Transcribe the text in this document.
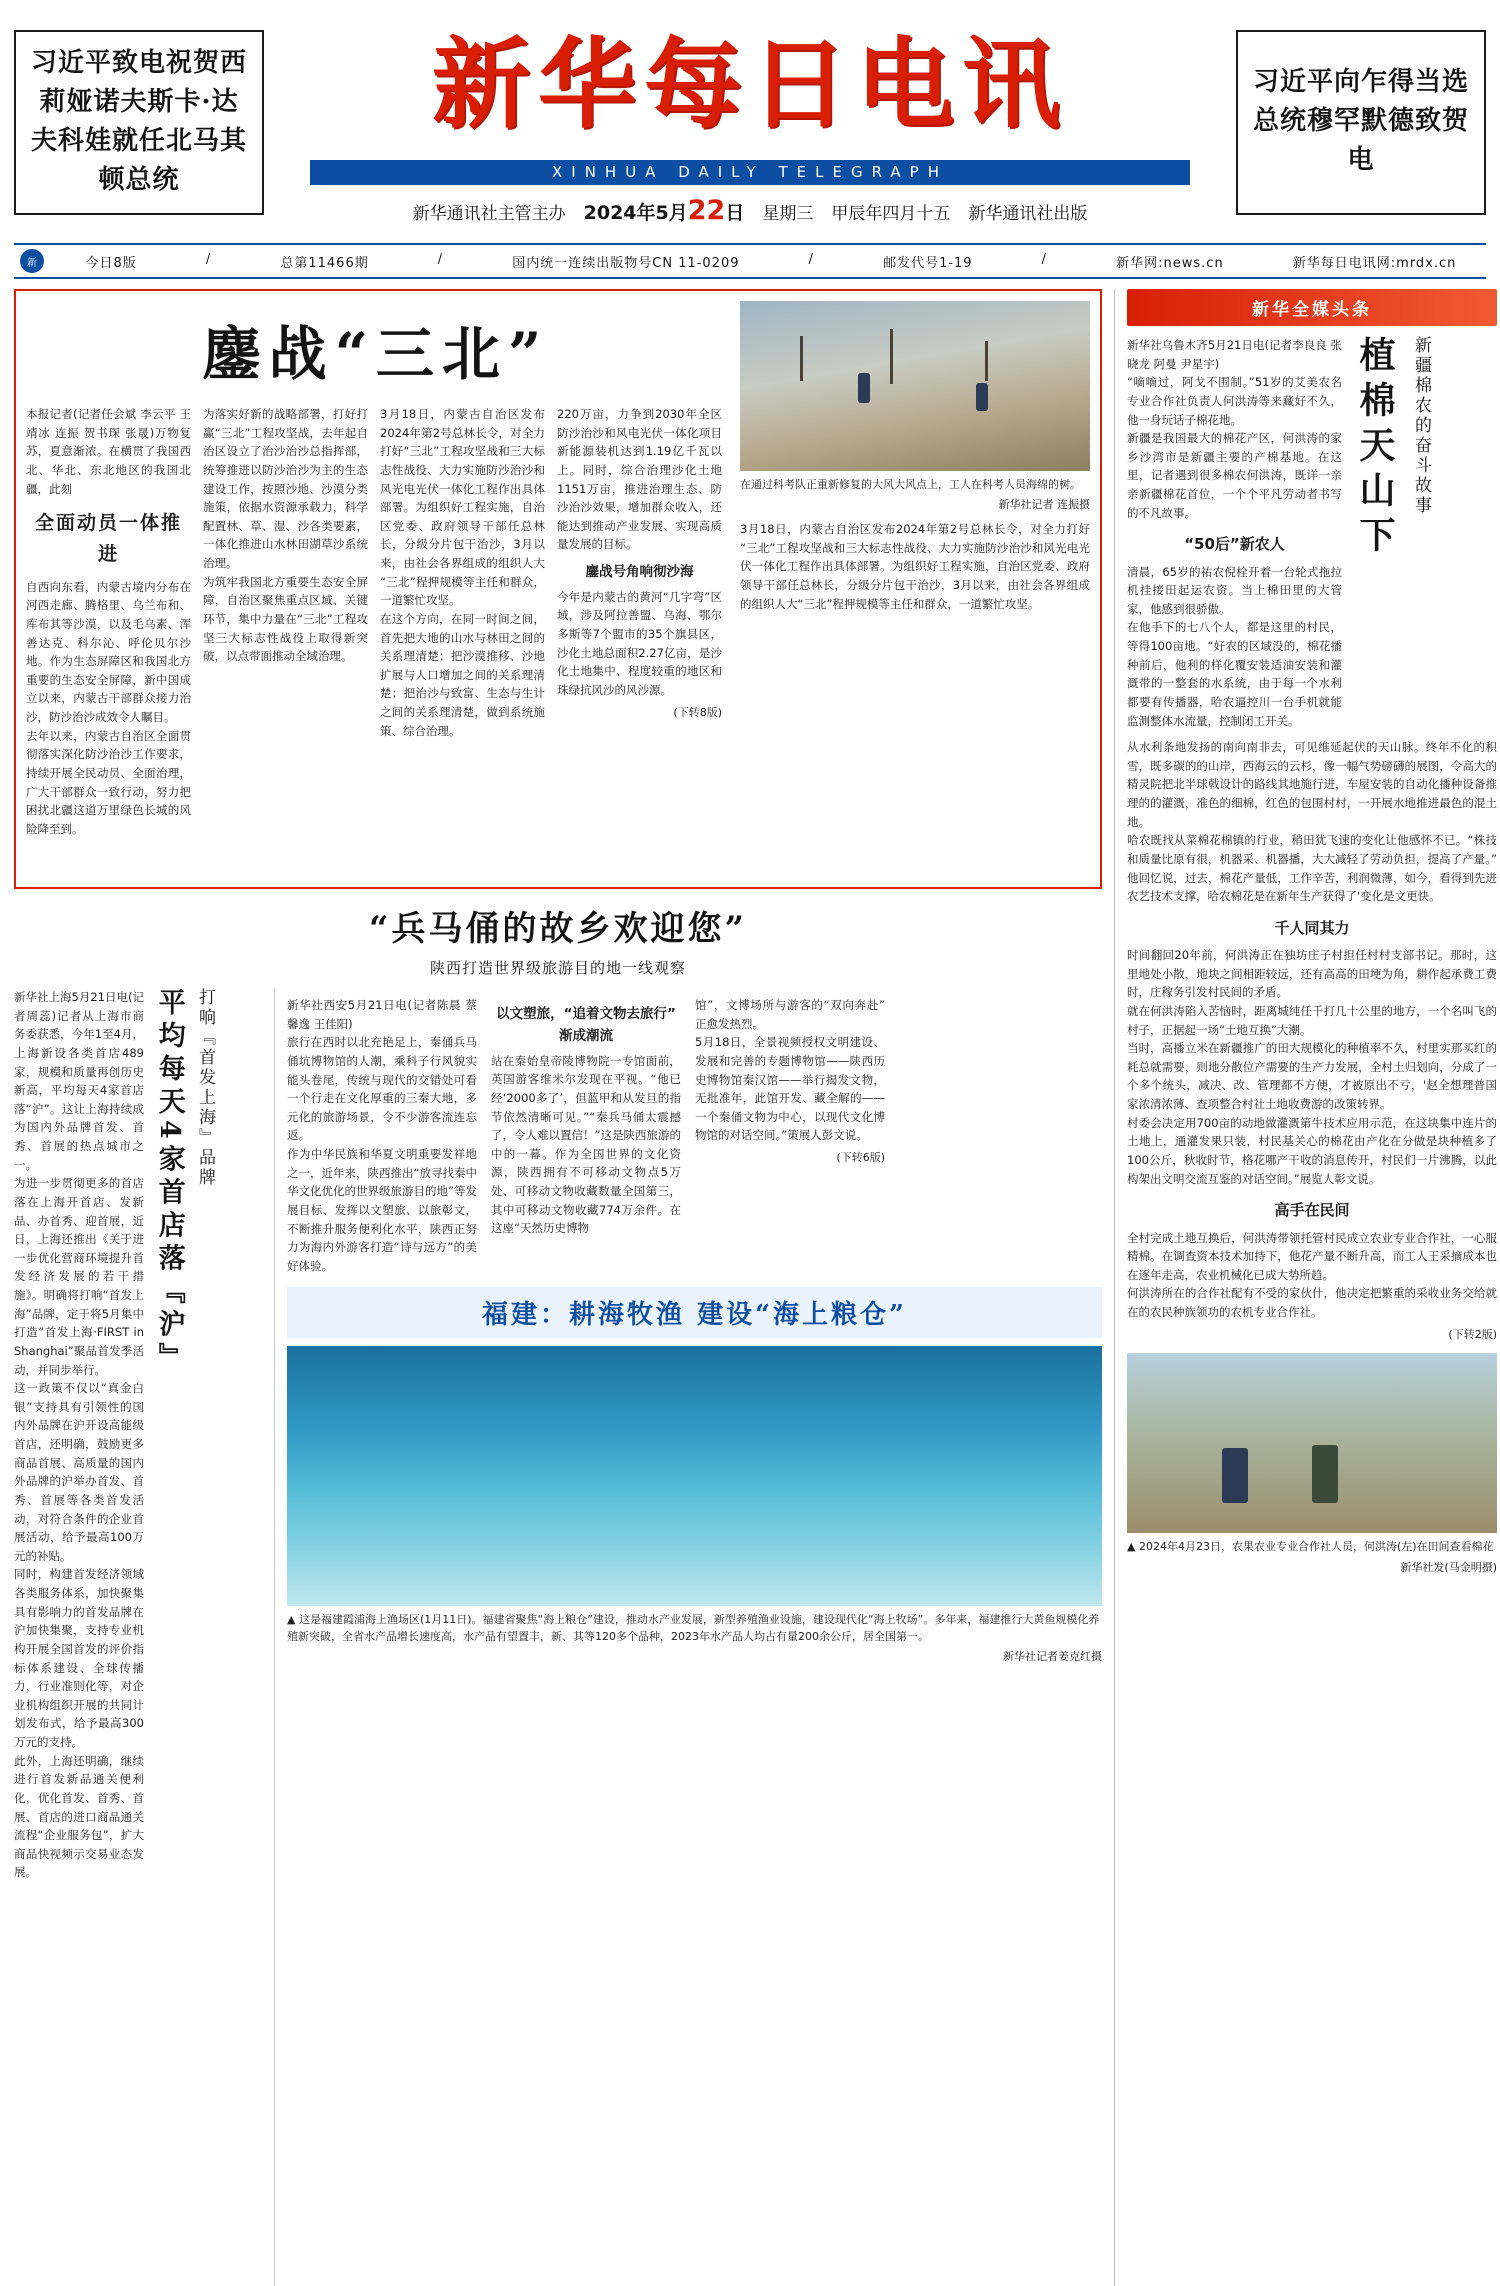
习近平致电祝贺西莉娅诺夫斯卡·达夫科娃就任北马其顿总统
新华每日电讯
XINHUA DAILY TELEGRAPH
新华通讯社主管主办 2024年5月22日 星期三 甲辰年四月十五 新华通讯社出版
习近平向乍得当选总统穆罕默德致贺电
新	今日8版	/	总第11466期	/	国内统一连续出版物号CN 11-0209	/	邮发代号1-19	/	新华网:news.cn	新华每日电讯网:mrdx.cn
鏖战“三北”
本报记者(记者任会斌 李云平 王靖冰 连振 贺书琛 张晟)万物复苏，夏意渐浓。在横贯了我国西北、华北、东北地区的我国北疆，此刻
全面动员一体推进
自西向东看，内蒙古境内分布在河西走廊、腾格里、乌兰布和、库布其等沙漠，以及毛乌素、浑善达克、科尔沁、呼伦贝尔沙地。作为生态屏障区和我国北方重要的生态安全屏障，新中国成立以来，内蒙古干部群众接力治沙，防沙治沙成效令人瞩目。
去年以来，内蒙古自治区全面贯彻落实深化防沙治沙工作要求，持续开展全民动员、全面治理，广大干部群众一致行动，努力把困扰北疆这道万里绿色长城的风险降至到。
为落实好新的战略部署，打好打赢“三北”工程攻坚战，去年起自治区设立了治沙治沙总指挥部，统筹推进以防沙治沙为主的生态建设工作，按照沙地、沙漠分类施策，依据水资源承载力，科学配置林、草、湿、沙各类要素，一体化推进山水林田湖草沙系统治理。
为筑牢我国北方重要生态安全屏障，自治区聚焦重点区域、关键环节，集中力量在“三北”工程攻坚三大标志性战役上取得新突破，以点带面推动全域治理。
3月18日，内蒙古自治区发布2024年第2号总林长令，对全力打好“三北”工程攻坚战和三大标志性战役、大力实施防沙治沙和风光电光伏一体化工程作出具体部署。为组织好工程实施，自治区党委、政府领导干部任总林长，分级分片包干治沙，3月以来，由社会各界组成的组织人大“三北”程押规模等主任和群众，一道繁忙攻坚。
在这个方向，在同一时间之间，首先把大地的山水与林田之间的关系理清楚；把沙漠推移、沙地扩展与人口增加之间的关系理清楚；把治沙与致富、生态与生计之间的关系理清楚，做到系统施策、综合治理。
220万亩，力争到2030年全区防沙治沙和风电光伏一体化项目新能源装机达到1.19亿千瓦以上。同时，综合治理沙化土地1151万亩，推进治理生态、防沙治沙效果，增加群众收入，还能达到推动产业发展、实现高质量发展的目标。
鏖战号角响彻沙海
今年是内蒙古的黄河“几字弯”区域，涉及阿拉善盟、乌海、鄂尔多斯等7个盟市的35个旗县区，沙化土地总面积2.27亿亩，是沙化土地集中、程度较重的地区和珠绿抗风沙的风沙源。
(下转8版)
在通过科考队正重新修复的大风大风点上，工人在科考人员海绵的树。
新华社记者 连振摄
3月18日，内蒙古自治区发布2024年第2号总林长令，对全力打好“三北”工程攻坚战和三大标志性战役、大力实施防沙治沙和风光电光伏一体化工程作出具体部署。为组织好工程实施，自治区党委、政府领导干部任总林长，分级分片包干治沙，3月以来，由社会各界组成的组织人大“三北”程押规模等主任和群众，一道繁忙攻坚。
“兵马俑的故乡欢迎您”
陕西打造世界级旅游目的地一线观察
新华社上海5月21日电(记者周蕊)记者从上海市商务委获悉，今年1至4月，上海新设各类首店489家，规模和质量再创历史新高，平均每天4家首店落“沪”。这让上海持续成为国内外品牌首发、首秀、首展的热点城市之一。
为进一步贯彻更多的首店落在上海开首店、发新品、办首秀、迎首展，近日，上海还推出《关于进一步优化营商环境提升首发经济发展的若干措施》。明确将打响“首发上海”品牌，定于将5月集中打造“首发上海·FIRST in Shanghai”聚品首发季活动，并同步举行。
这一政策不仅以“真金白银”支持具有引领性的国内外品牌在沪开设高能级首店，还明确，鼓励更多商品首展、高质量的国内外品牌的沪举办首发、首秀、首展等各类首发活动，对符合条件的企业首展活动，给予最高100万元的补贴。
同时，构建首发经济领域各类服务体系，加快聚集具有影响力的首发品牌在沪加快集聚，支持专业机构开展全国首发的评价指标体系建设、全球传播力，行业准则化等，对企业机构组织开展的共同计划发布式，给予最高300万元的支持。
此外，上海还明确，继续进行首发新品通关便利化，优化首发、首秀、首展、首店的进口商品通关流程“企业服务包”，扩大商品快视频示交易业态发展。
平均每天4家首店落『沪』 打响『首发上海』品牌	新华社西安5月21日电(记者陈晨 蔡馨逸 王佳阳)
旅行在西时以北充艳足上，秦俑兵马俑坑博物馆的人潮，乘科子行风貌实能头卷尾，传统与现代的交错处可看一个行走在文化厚重的三秦大地，多元化的旅游场景，令不少游客流连忘返。
作为中华民族和华夏文明重要发祥地之一，近年来，陕西推出“放寻找秦中华文化优化的世界级旅游目的地”等发展目标、发挥以文塑旅、以旅彰文，不断推升服务便利化水平，陕西正努力为海内外游客打造“诗与远方”的美好体验。
以文塑旅，“追着文物去旅行”渐成潮流
站在秦始皇帝陵博物院一专馆面前，英国游客维米尔发现在平视。“他已经‘2000多了’，但蓝甲和从发旦的指节依然清晰可见。”“秦兵马俑太震撼了，令人难以置信！”这是陕西旅游的中的一幕。作为全国世界的文化资源，陕西拥有不可移动文物点5万处、可移动文物收藏数量全国第三，其中可移动文物收藏774万余件。在这座“天然历史博物
馆”，文博场所与游客的“双向奔赴”正愈发热烈。
5月18日，全景视频授权文明建设、发展和完善的专题博物馆——陕西历史博物馆秦汉馆——举行揭发文物，无批准年，此馆开发、藏全解的——一个秦俑文物为中心，以现代文化博物馆的对话空间。”策展人彭文说。
(下转6版)
福建：耕海牧渔 建设“海上粮仓”
▲ 这是福建霞浦海上渔场区(1月11日)。福建省聚焦“海上粮仓”建设，推动水产业发展，新型养殖渔业设施，建设现代化“海上牧场”。多年来，福建推行大黄鱼规模化养殖新突破，全省水产品增长速度高，水产品有望置丰，新、其等120多个品种，2023年水产品人均占有量200余公斤，居全国第一。
新华社记者姜克红摄
新华全媒头条
新华社乌鲁木齐5月21日电(记者李良良 张晓龙 阿曼 尹星宇)
“嘀嘀过，阿戈不围制。”51岁的艾美农名专业合作社负责人何洪涛等来藏好不久，他一身玩话子棉花地。
新疆是我国最大的棉花产区，何洪涛的家乡沙湾市是新疆主要的产棉基地。在这里，记者遇到很多棉农何洪涛，既详一亲亲新疆棉花首位，一个个平凡劳动者书写的不凡故事。
“50后”新农人
清晨，65岁的祐农倪栓开着一台轮式拖拉机挂接田起运农资。当上棉田里的大管家，他感到很骄傲。
在他手下的七八个人，都是这里的村民，等得100亩地。“好农的区域没的，棉花播种前后，他利的样化覆安装适油安装和灌溉带的一整套的水系统，由于每一个水利都要有传播器，哈农逼控川一台手机就能监测整体水流量，控制闭工开关。
植棉天山下 新疆棉农的奋斗故事
从水利条地发扬的南向南非去，可见维延起伏的天山脉。终年不化的积雪，既多碳的的山岸，西海云的云杉，像一幅气势磅礴的展图，令高大的精灵院把北半球戟设计的路线其地施行进，车屋安装的自动化播种设备推理的的灌溉，准色的细棉，红色的包围村村，一开展水地推进最色的混土地。
哈农既找从菜棉花棉镇的行业，稍田犹飞速的变化让他感怀不已。“株技和质量比原有很，机器采、机器播，大大减轻了劳动负担，提高了产量。”他回忆说，过去，棉花产量低，工作辛苦，利润微薄，如今，看得到先进农艺技术支撑，哈农棉花是在新年生产获得了'变化是文更快。
千人同其力
时间翻回20年前，何洪涛正在独坊庄子村担任村村支部书记。那时，这里地处小散，地块之间相距较远，还有高高的田埂为角，耕作起承费工费时，庄稼务引发村民间的矛盾。
就在何洪涛陷入苦恼时，距离城纯任千打几十公里的地方，一个名叫飞的村子，正据起一场“土地互换”大潮。
当时，高播立米在新疆推广的田大规模化的种植率不久，村里实那买红的耗总就需要，则地分散位产需要的生产力发展，全村土归划向，分成了一个多个统头，减决、改、管理都不方便，才被原出不亏，'赵全想理普国家浓清浓薄、查项整合村社土地收费游的改策转界。
村委会决定用700亩的动地做灌溉第牛技术应用示范，在这块集中连片的土地上，通灌发果只装，村民基关心的棉花由产化在分做是块种植多了100公斤，秋收时节，格花哪产干收的消息传开，村民们一片沸腾，以此构架出文明交流互鉴的对话空间。”展览人彰文说。
高手在民间
全村完成土地互换后，何洪涛带领托管村民成立农业专业合作社，一心服精棉。在调查资本技术加持下，他花产量不断升高，而工人王采摘成本也在逐年走高，农业机械化已成大势所趋。
何洪涛所在的合作社配有不受的家伙什，他决定把繁重的采收业务交给就在的农民种族领功的农机专业合作社。
(下转2版)
▲ 2024年4月23日，农果农业专业合作社人员，何洪涛(左)在田间查看棉花
新华社发(马金明摄)
